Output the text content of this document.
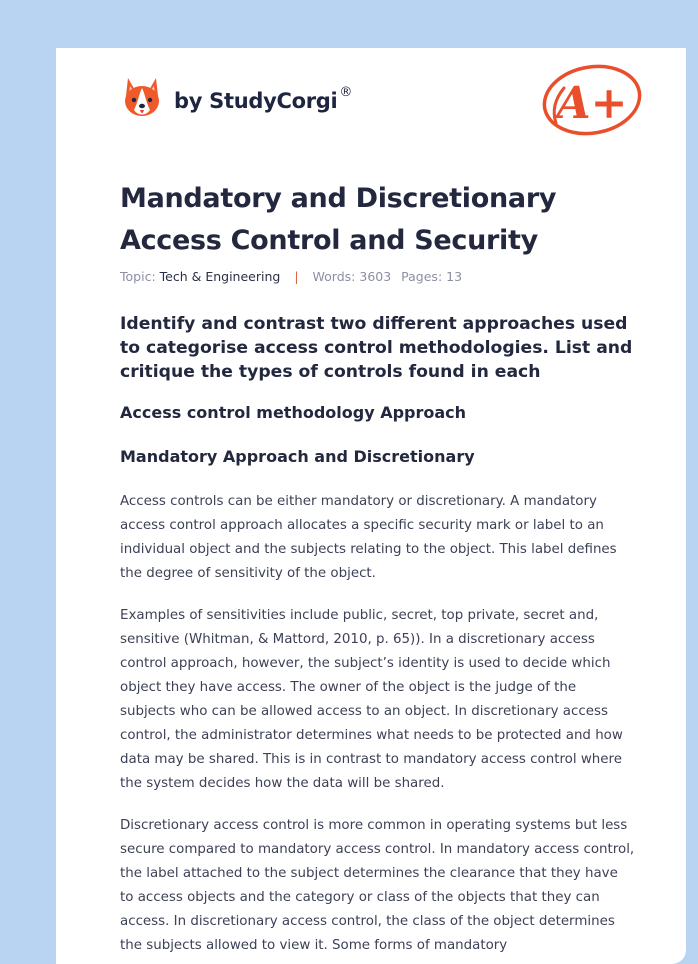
by StudyCorgi ®	A+
Mandatory and Discretionary Access Control and Security
Topic: Tech & Engineering | Words: 3603 Pages: 13
Identify and contrast two different approaches used to categorise access control methodologies. List and critique the types of controls found in each
Access control methodology Approach
Mandatory Approach and Discretionary

Access controls can be either mandatory or discretionary. A mandatory access control approach allocates a specific security mark or label to an individual object and the subjects relating to the object. This label defines the degree of sensitivity of the object.

Examples of sensitivities include public, secret, top private, secret and, sensitive (Whitman, & Mattord, 2010, p. 65)). In a discretionary access control approach, however, the subject’s identity is used to decide which object they have access. The owner of the object is the judge of the subjects who can be allowed access to an object. In discretionary access control, the administrator determines what needs to be protected and how data may be shared. This is in contrast to mandatory access control where the system decides how the data will be shared.

Discretionary access control is more common in operating systems but less secure compared to mandatory access control. In mandatory access control, the label attached to the subject determines the clearance that they have to access objects and the category or class of the objects that they can access. In discretionary access control, the class of the object determines the subjects allowed to view it. Some forms of mandatory
